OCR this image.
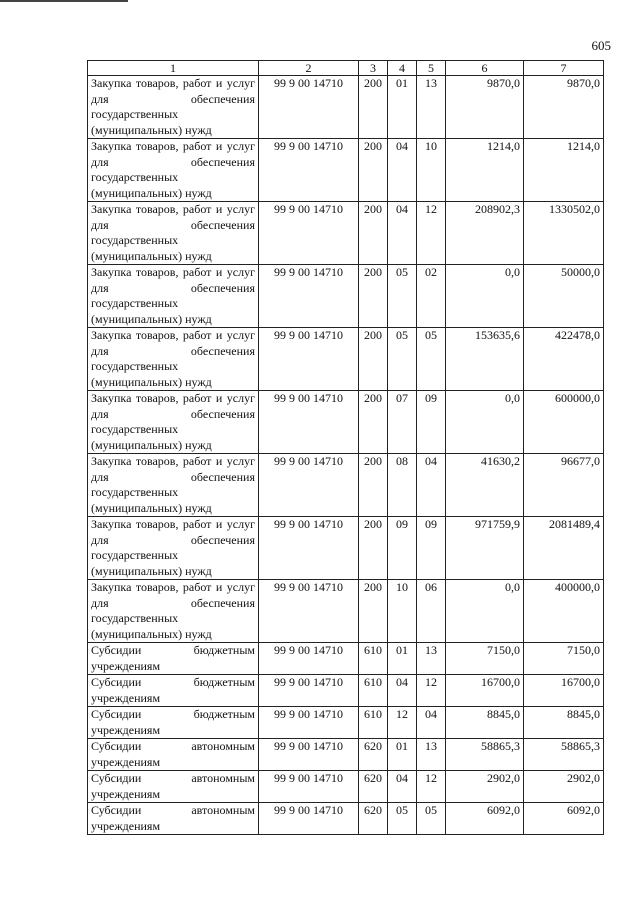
605
1	2	3	4	5	6	7
Закупка товаров, работ и услуг для обеспечения государственных (муниципальных) нужд	99 9 00 14710	200	01	13	9870,0	9870,0
Закупка товаров, работ и услуг для обеспечения государственных (муниципальных) нужд	99 9 00 14710	200	04	10	1214,0	1214,0
Закупка товаров, работ и услуг для обеспечения государственных (муниципальных) нужд	99 9 00 14710	200	04	12	208902,3	1330502,0
Закупка товаров, работ и услуг для обеспечения государственных (муниципальных) нужд	99 9 00 14710	200	05	02	0,0	50000,0
Закупка товаров, работ и услуг для обеспечения государственных (муниципальных) нужд	99 9 00 14710	200	05	05	153635,6	422478,0
Закупка товаров, работ и услуг для обеспечения государственных (муниципальных) нужд	99 9 00 14710	200	07	09	0,0	600000,0
Закупка товаров, работ и услуг для обеспечения государственных (муниципальных) нужд	99 9 00 14710	200	08	04	41630,2	96677,0
Закупка товаров, работ и услуг для обеспечения государственных (муниципальных) нужд	99 9 00 14710	200	09	09	971759,9	2081489,4
Закупка товаров, работ и услуг для обеспечения государственных (муниципальных) нужд	99 9 00 14710	200	10	06	0,0	400000,0
Субсидии бюджетным учреждениям	99 9 00 14710	610	01	13	7150,0	7150,0
Субсидии бюджетным учреждениям	99 9 00 14710	610	04	12	16700,0	16700,0
Субсидии бюджетным учреждениям	99 9 00 14710	610	12	04	8845,0	8845,0
Субсидии автономным учреждениям	99 9 00 14710	620	01	13	58865,3	58865,3
Субсидии автономным учреждениям	99 9 00 14710	620	04	12	2902,0	2902,0
Субсидии автономным учреждениям	99 9 00 14710	620	05	05	6092,0	6092,0
